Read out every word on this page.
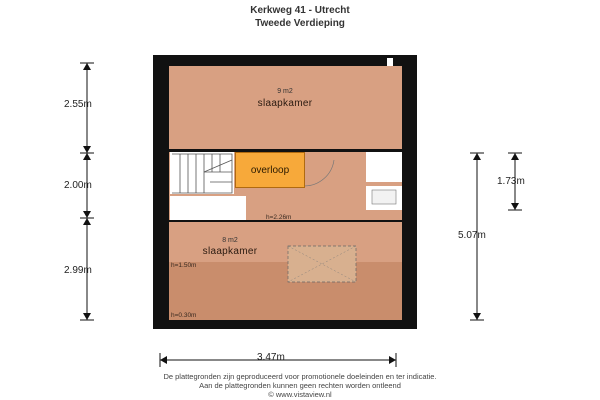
Kerkweg 41 - Utrecht
Tweede Verdieping
overloop
9 m2
slaapkamer
8 m2
slaapkamer
h=2.26m
h=1.50m
h=0.30m
2.55m
2.00m
2.99m
1.73m
5.07m
3.47m
De plattegronden zijn geproduceerd voor promotionele doeleinden en ter indicatie.
Aan de plattegronden kunnen geen rechten worden ontleend
© www.vistaview.nl
